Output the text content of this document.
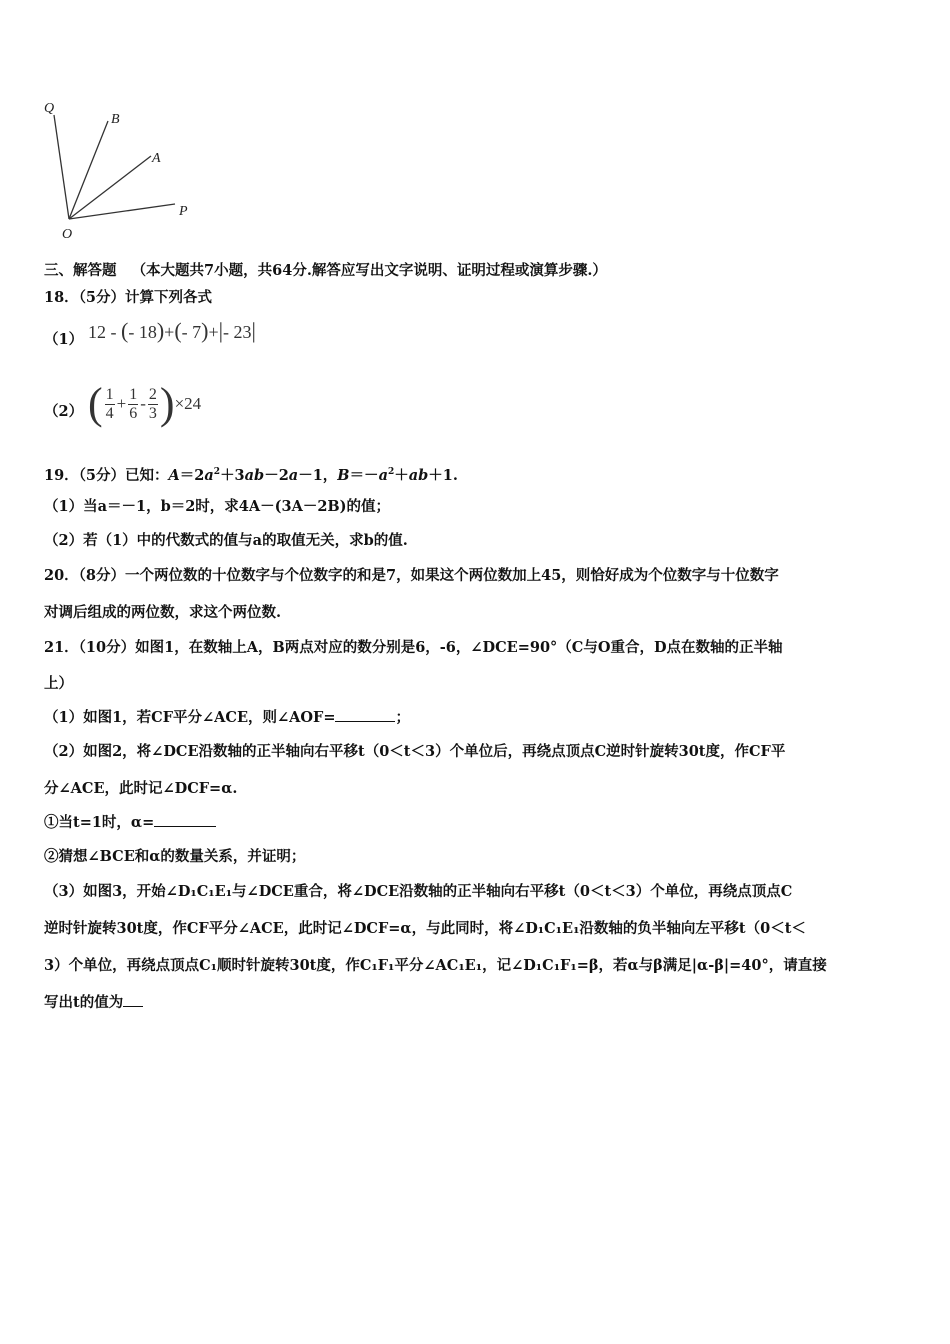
Q
B
A
P
O
三、解答题 （本大题共7小题，共64分.解答应写出文字说明、证明过程或演算步骤.）
18．（5分）计算下列各式
（1） 12 - (- 18)+(- 7)+|- 23|
（2） ( $\frac{1}{4} + \frac{1}{6} - \frac{2}{3}$ ) ×24
19．（5分）已知：$A=2a^2+3ab-2a-1$，$B=-a^2+ab+1$.
（1）当a＝－1，b＝2时，求4A－(3A－2B)的值；
（2）若（1）中的代数式的值与a的取值无关，求b的值.
20．（8分）一个两位数的十位数字与个位数字的和是7，如果这个两位数加上45，则恰好成为个位数字与十位数字
对调后组成的两位数，求这个两位数.
21．（10分）如图1，在数轴上A，B两点对应的数分别是6，-6，∠DCE=90°（C与O重合，D点在数轴的正半轴
上）
（1）如图1，若CF平分∠ACE，则∠AOF=	；
（2）如图2，将∠DCE沿数轴的正半轴向右平移t（0＜t＜3）个单位后，再绕点顶点C逆时针旋转30t度，作CF平
分∠ACE，此时记∠DCF=α.
①当t=1时，α=
②猜想∠BCE和α的数量关系，并证明；
（3）如图3，开始∠D₁C₁E₁与∠DCE重合，将∠DCE沿数轴的正半轴向右平移t（0＜t＜3）个单位，再绕点顶点C
逆时针旋转30t度，作CF平分∠ACE，此时记∠DCF=α，与此同时，将∠D₁C₁E₁沿数轴的负半轴向左平移t（0＜t＜
3）个单位，再绕点顶点C₁顺时针旋转30t度，作C₁F₁平分∠AC₁E₁，记∠D₁C₁F₁=β，若α与β满足|α-β|=40°，请直接
写出t的值为
